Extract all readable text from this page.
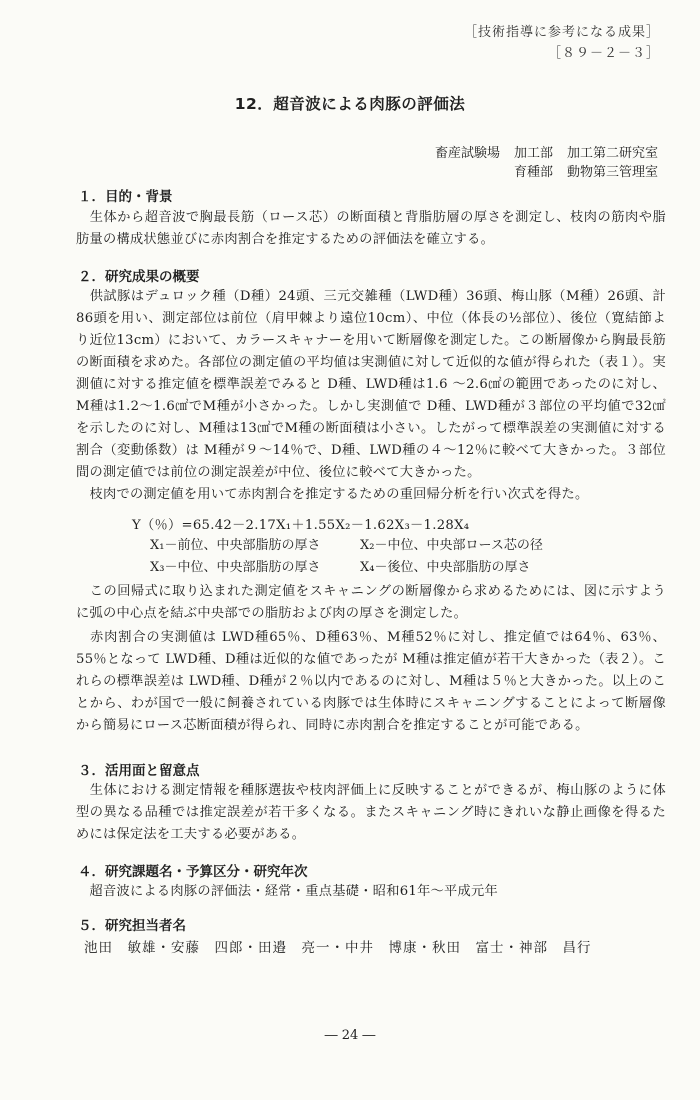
［技術指導に参考になる成果］
［８９－２－３］
12．超音波による肉豚の評価法
畜産試験場 加工部 加工第二研究室
育種部 動物第三管理室
１．目的・背景
　生体から超音波で胸最長筋（ロース芯）の断面積と背脂肪層の厚さを測定し、枝肉の筋肉や脂肪量の構成状態並びに赤肉割合を推定するための評価法を確立する。
２．研究成果の概要
　供試豚はデュロック種（D種）24頭、三元交雑種（LWD種）36頭、梅山豚（M種）26頭、計86頭を用い、測定部位は前位（肩甲棘より遠位10cm）、中位（体長の½部位）、後位（寛結節より近位13cm）において、カラースキャナーを用いて断層像を測定した。この断層像から胸最長筋の断面積を求めた。各部位の測定値の平均値は実測値に対して近似的な値が得られた（表１）。実測値に対する推定値を標準誤差でみると D種、LWD種は1.6 ～2.6㎠の範囲であったのに対し、M種は1.2～1.6㎠でM種が小さかった。しかし実測値で D種、LWD種が３部位の平均値で32㎠を示したのに対し、M種は13㎠でM種の断面積は小さい。したがって標準誤差の実測値に対する割合（変動係数）は M種が９～14％で、D種、LWD種の４～12％に較べて大きかった。３部位間の測定値では前位の測定誤差が中位、後位に較べて大きかった。
　枝肉での測定値を用いて赤肉割合を推定するための重回帰分析を行い次式を得た。
Y（％）=65.42－2.17X₁＋1.55X₂－1.62X₃－1.28X₄
X₁－前位、中央部脂肪の厚さ	X₂－中位、中央部ロース芯の径
X₃－中位、中央部脂肪の厚さ	X₄－後位、中央部脂肪の厚さ
　この回帰式に取り込まれた測定値をスキャニングの断層像から求めるためには、図に示すように弧の中心点を結ぶ中央部での脂肪および肉の厚さを測定した。
　赤肉割合の実測値は LWD種65％、D種63％、M種52％に対し、推定値では64％、63％、55％となって LWD種、D種は近似的な値であったが M種は推定値が若干大きかった（表２）。これらの標準誤差は LWD種、D種が２％以内であるのに対し、M種は５％と大きかった。以上のことから、わが国で一般に飼養されている肉豚では生体時にスキャニングすることによって断層像から簡易にロース芯断面積が得られ、同時に赤肉割合を推定することが可能である。
３．活用面と留意点
　生体における測定情報を種豚選抜や枝肉評価上に反映することができるが、梅山豚のように体型の異なる品種では推定誤差が若干多くなる。またスキャニング時にきれいな静止画像を得るためには保定法を工夫する必要がある。
４．研究課題名・予算区分・研究年次
　超音波による肉豚の評価法・経常・重点基礎・昭和61年～平成元年
５．研究担当者名
池田　敏雄・安藤　四郎・田邉　亮一・中井　博康・秋田　富士・神部　昌行
― 24 ―
